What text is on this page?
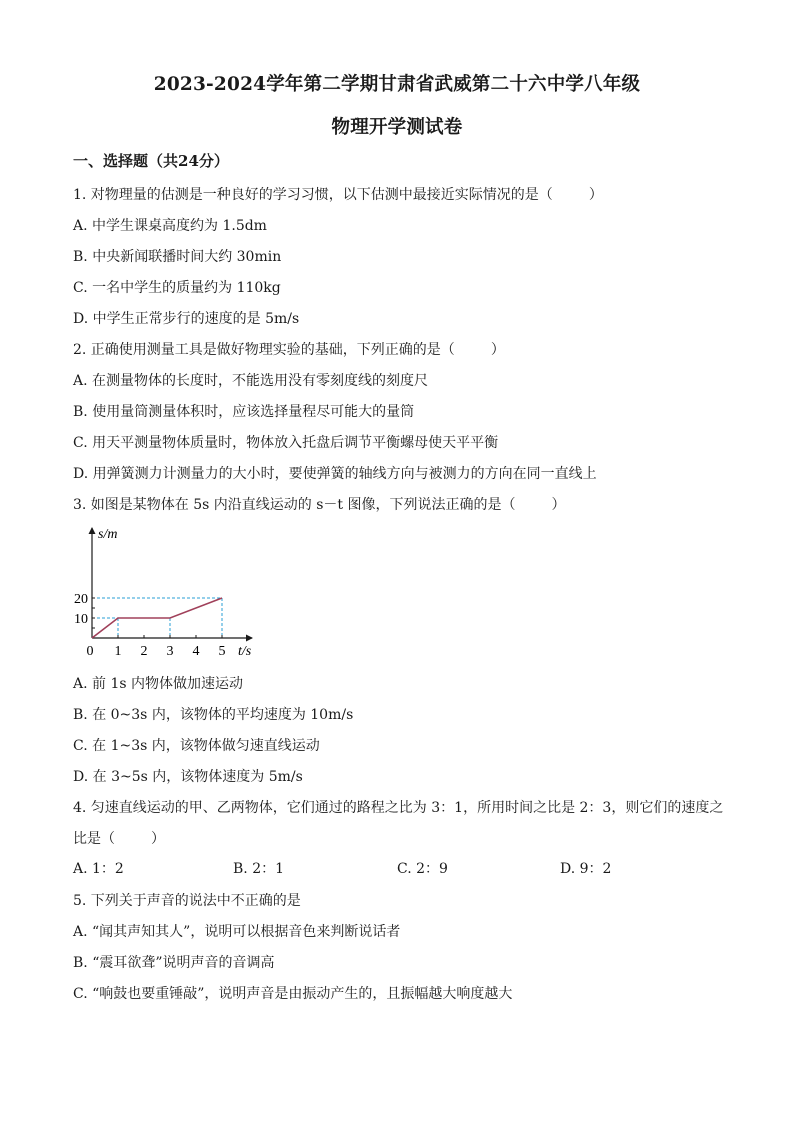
2023-2024学年第二学期甘肃省武威第二十六中学八年级
物理开学测试卷
一、选择题（共24分）
1. 对物理量的估测是一种良好的学习习惯，以下估测中最接近实际情况的是（	）
A. 中学生课桌高度约为 1.5dm
B. 中央新闻联播时间大约 30min
C. 一名中学生的质量约为 110kg
D. 中学生正常步行的速度的是 5m/s
2. 正确使用测量工具是做好物理实验的基础，下列正确的是（	）
A. 在测量物体的长度时，不能选用没有零刻度线的刻度尺
B. 使用量筒测量体积时，应该选择量程尽可能大的量筒
C. 用天平测量物体质量时，物体放入托盘后调节平衡螺母使天平平衡
D. 用弹簧测力计测量力的大小时，要使弹簧的轴线方向与被测力的方向在同一直线上
3. 如图是某物体在 5s 内沿直线运动的 s－t 图像，下列说法正确的是（	）
0 1 2 3 4 5
10
20
s/m
t/s
A. 前 1s 内物体做加速运动
B. 在 0~3s 内，该物体的平均速度为 10m/s
C. 在 1~3s 内，该物体做匀速直线运动
D. 在 3~5s 内，该物体速度为 5m/s
4. 匀速直线运动的甲、乙两物体，它们通过的路程之比为 3：1，所用时间之比是 2：3，则它们的速度之
比是（	）
A. 1：2	B. 2：1	C. 2：9	D. 9：2
5. 下列关于声音的说法中不正确的是
A. “闻其声知其人”，说明可以根据音色来判断说话者
B. “震耳欲聋”说明声音的音调高
C. “响鼓也要重锤敲”，说明声音是由振动产生的，且振幅越大响度越大
